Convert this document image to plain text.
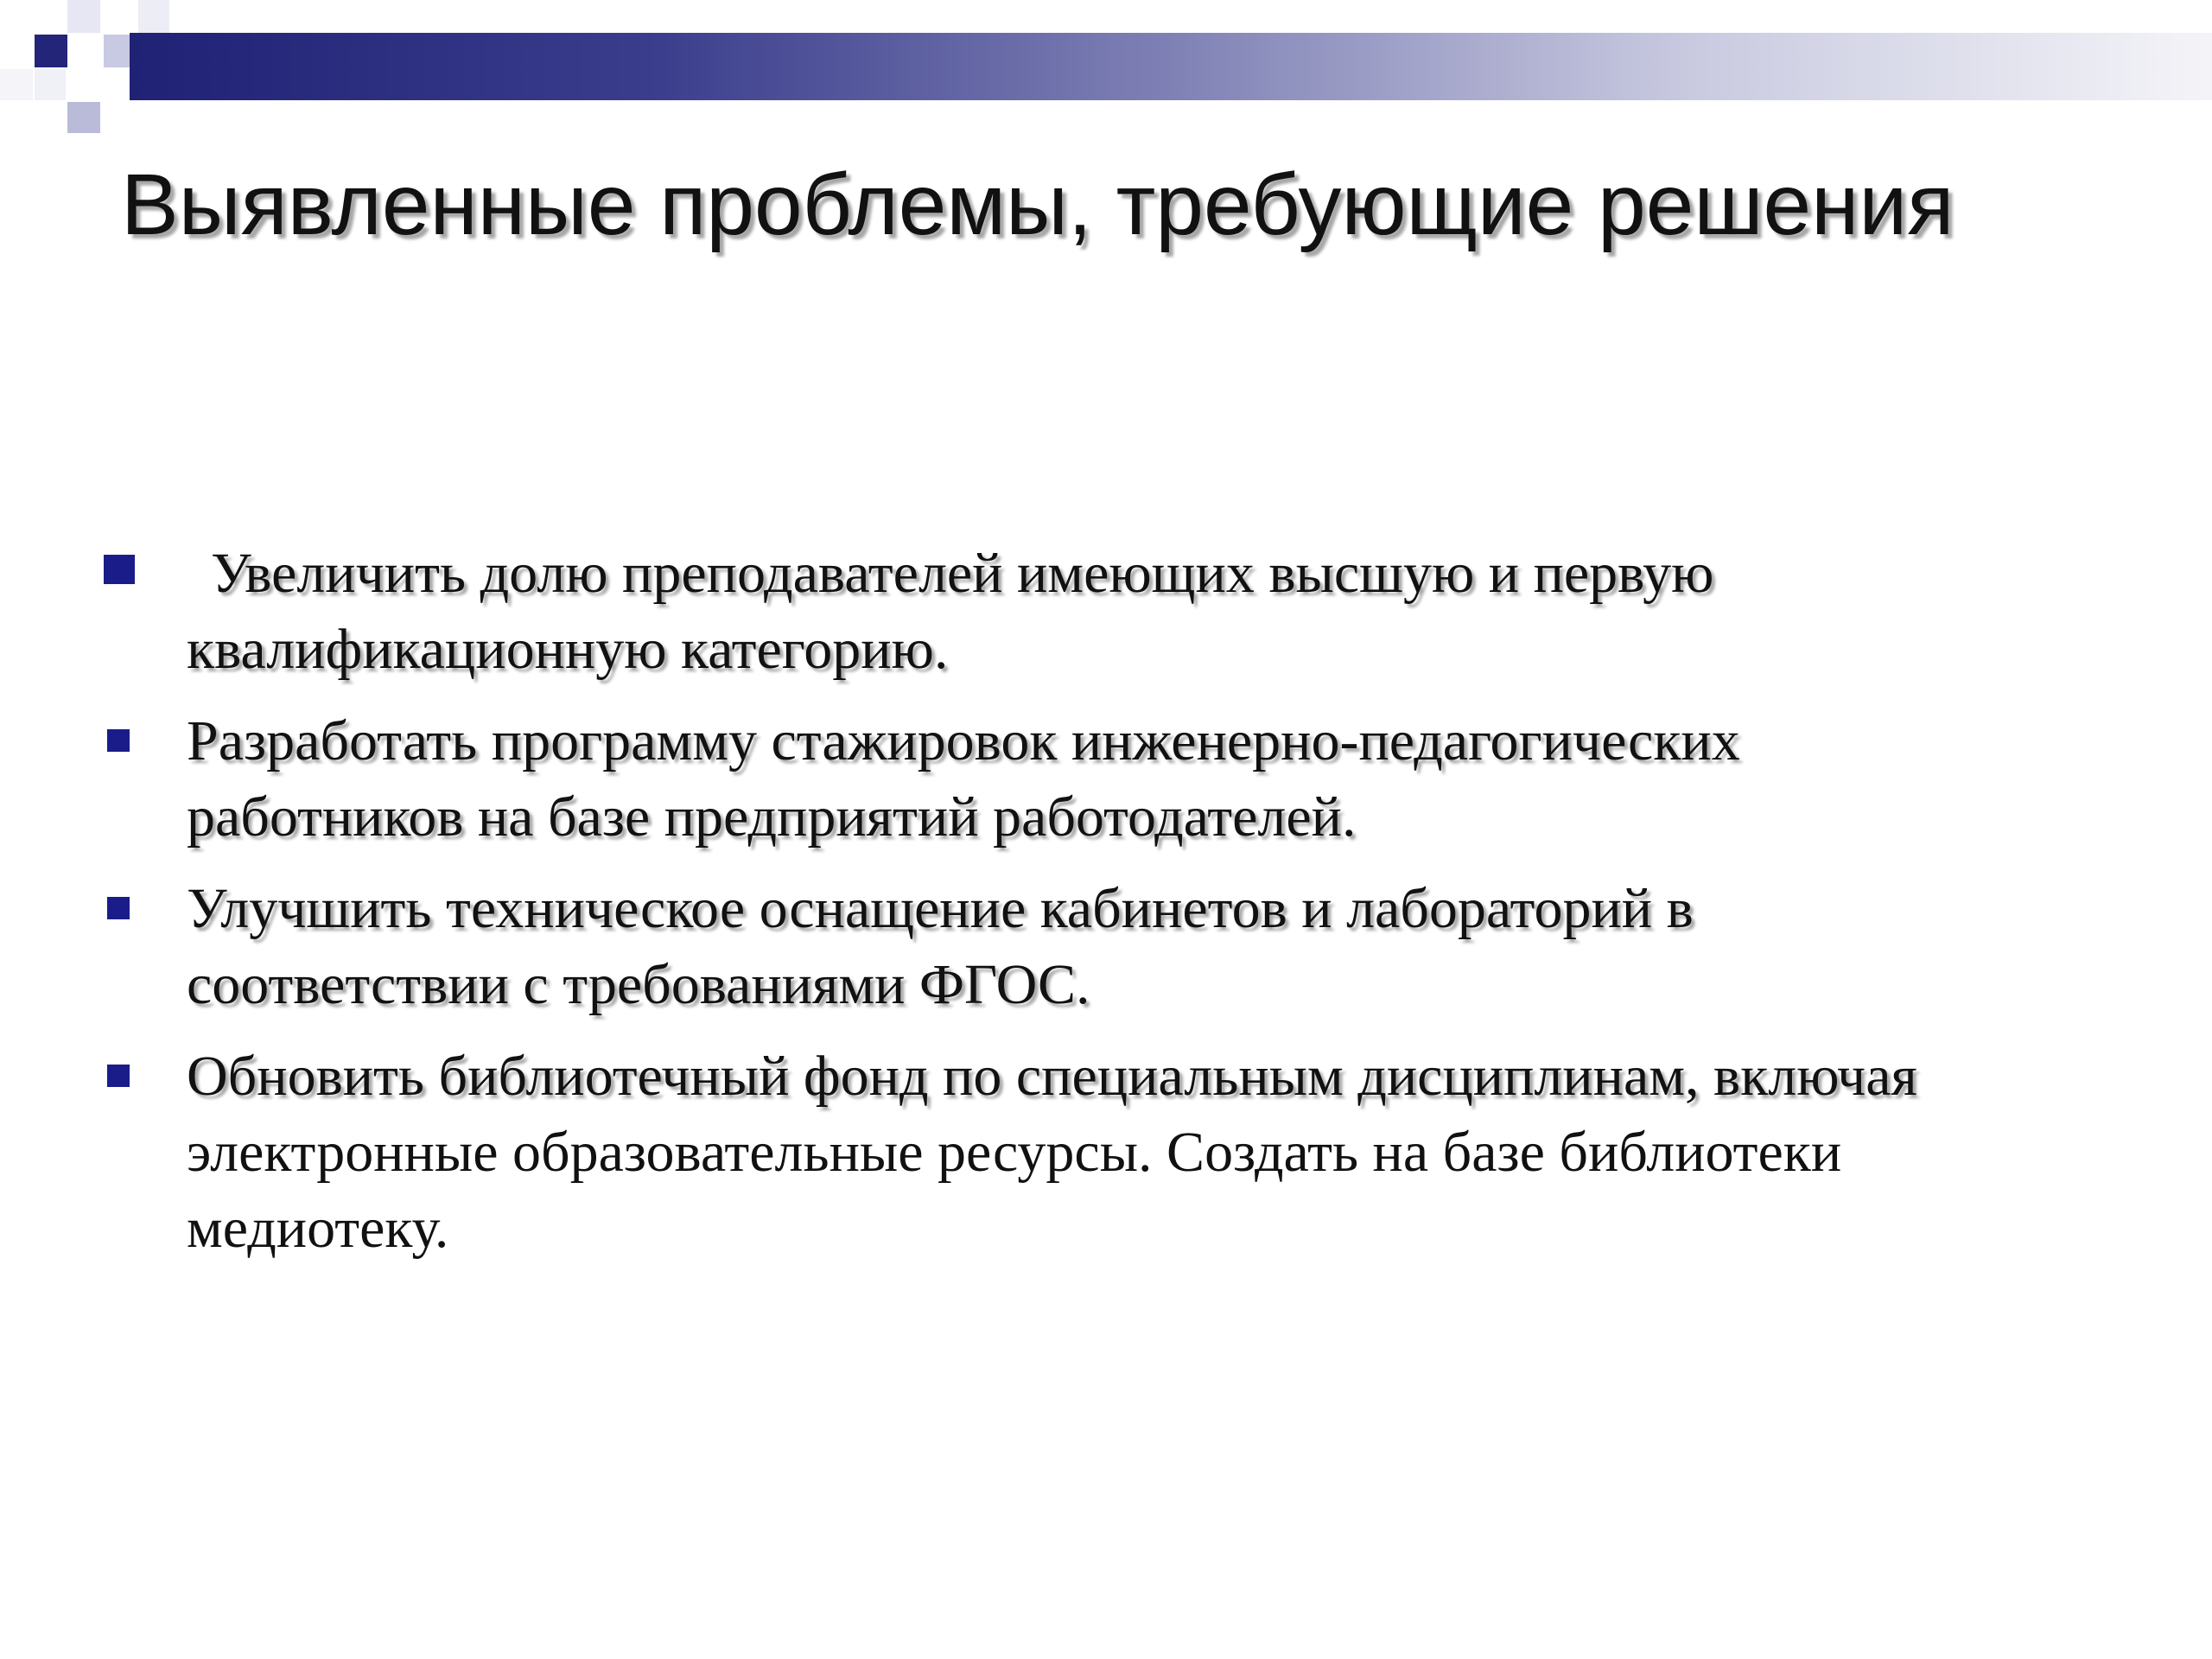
Выявленные проблемы, требующие решения
Увеличить долю преподавателей имеющих высшую и первую
квалификационную категорию.
Разработать программу стажировок инженерно-педагогических
работников на базе предприятий работодателей.
Улучшить техническое оснащение кабинетов и лабораторий в
соответствии с требованиями ФГОС.
Обновить библиотечный фонд по специальным дисциплинам, включая
электронные образовательные ресурсы. Создать на базе библиотеки
медиотеку.
